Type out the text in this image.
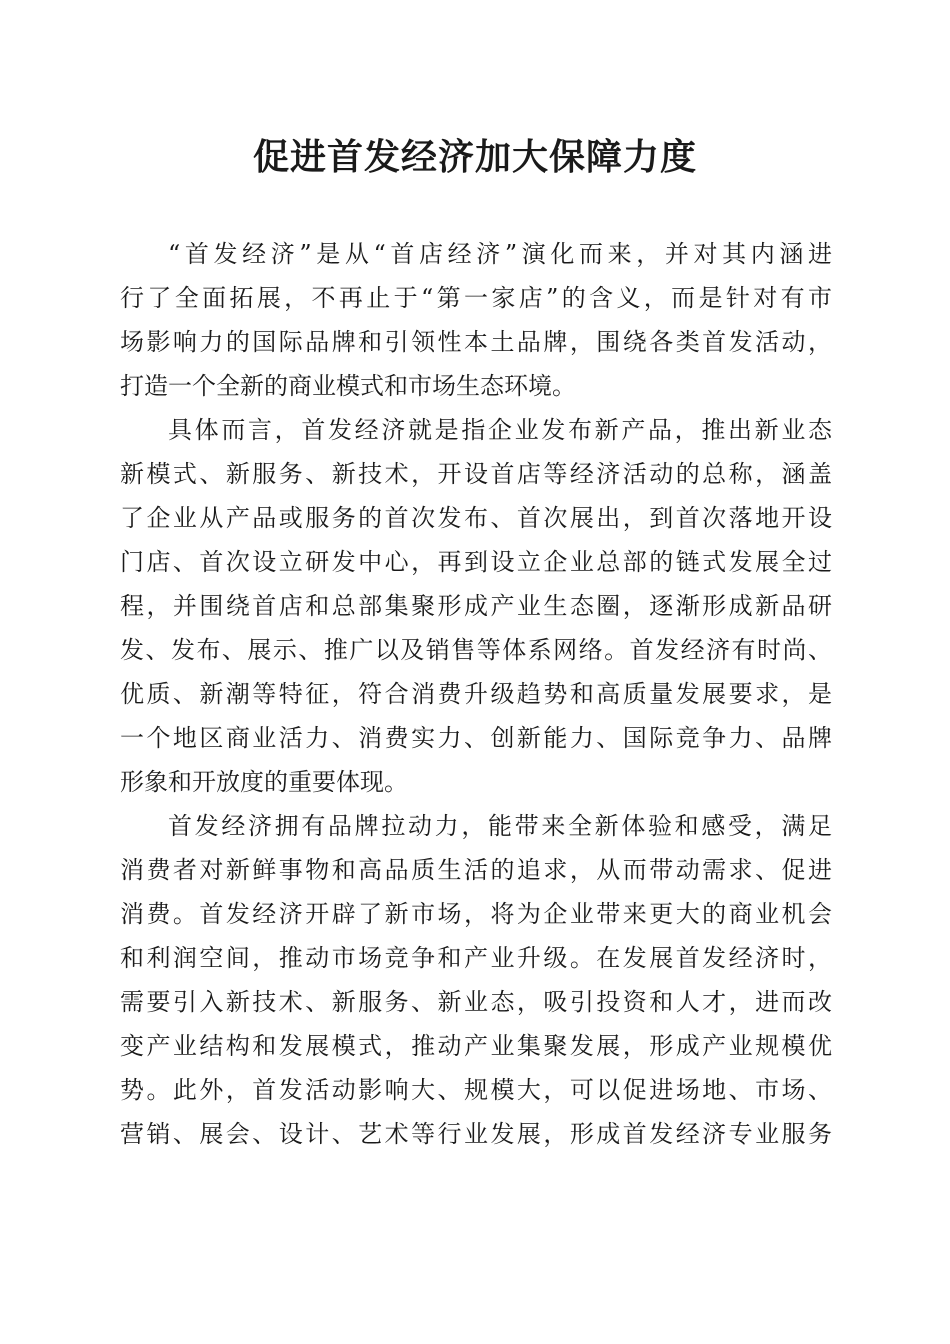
促进首发经济加大保障力度
“首发经济”是从“首店经济”演化而来，并对其内涵进
行了全面拓展，不再止于“第一家店”的含义，而是针对有市
场影响力的国际品牌和引领性本土品牌，围绕各类首发活动，
打造一个全新的商业模式和市场生态环境。
具体而言，首发经济就是指企业发布新产品，推出新业态
新模式、新服务、新技术，开设首店等经济活动的总称，涵盖
了企业从产品或服务的首次发布、首次展出，到首次落地开设
门店、首次设立研发中心，再到设立企业总部的链式发展全过
程，并围绕首店和总部集聚形成产业生态圈，逐渐形成新品研
发、发布、展示、推广以及销售等体系网络。首发经济有时尚、
优质、新潮等特征，符合消费升级趋势和高质量发展要求，是
一个地区商业活力、消费实力、创新能力、国际竞争力、品牌
形象和开放度的重要体现。
首发经济拥有品牌拉动力，能带来全新体验和感受，满足
消费者对新鲜事物和高品质生活的追求，从而带动需求、促进
消费。首发经济开辟了新市场，将为企业带来更大的商业机会
和利润空间，推动市场竞争和产业升级。在发展首发经济时，
需要引入新技术、新服务、新业态，吸引投资和人才，进而改
变产业结构和发展模式，推动产业集聚发展，形成产业规模优
势。此外，首发活动影响大、规模大，可以促进场地、市场、
营销、展会、设计、艺术等行业发展，形成首发经济专业服务
